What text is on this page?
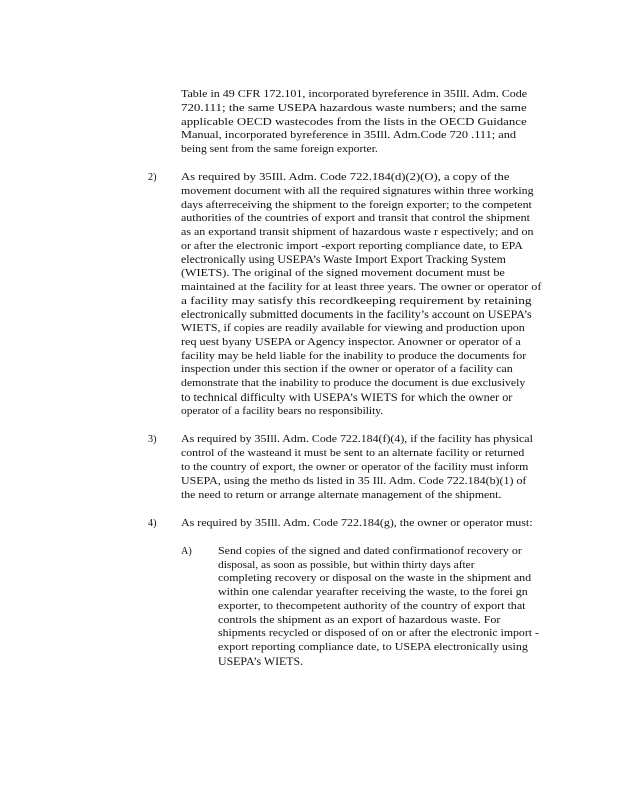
Table in 49 CFR 172.101, incorporated byreference in 35Ill. Adm. Code
720.111; the same USEPA hazardous waste numbers; and the same
applicable OECD wastecodes from the lists in the OECD Guidance
Manual, incorporated byreference in 35Ill. Adm.Code 720 .111; and
being sent from the same foreign exporter.
2) As required by 35Ill. Adm. Code 722.184(d)(2)(O), a copy of the
movement document with all the required signatures within three working
days afterreceiving the shipment to the foreign exporter; to the competent
authorities of the countries of export and transit that control the shipment
as an exportand transit shipment of hazardous waste r espectively; and on
or after the electronic import -export reporting compliance date, to EPA
electronically using USEPA’s Waste Import Export Tracking System
(WIETS). The original of the signed movement document must be
maintained at the facility for at least three years. The owner or operator of
a facility may satisfy this recordkeeping requirement by retaining
electronically submitted documents in the facility’s account on USEPA’s
WIETS, if copies are readily available for viewing and production upon
req uest byany USEPA or Agency inspector. Anowner or operator of a
facility may be held liable for the inability to produce the documents for
inspection under this section if the owner or operator of a facility can
demonstrate that the inability to produce the document is due exclusively
to technical difficulty with USEPA’s WIETS for which the owner or
operator of a facility bears no responsibility.
3) As required by 35Ill. Adm. Code 722.184(f)(4), if the facility has physical
control of the wasteand it must be sent to an alternate facility or returned
to the country of export, the owner or operator of the facility must inform
USEPA, using the metho ds listed in 35 Ill. Adm. Code 722.184(b)(1) of
the need to return or arrange alternate management of the shipment.
4) As required by 35Ill. Adm. Code 722.184(g), the owner or operator must:
A)	Send copies of the signed and dated confirmationof recovery or
disposal, as soon as possible, but within thirty days after
completing recovery or disposal on the waste in the shipment and
within one calendar yearafter receiving the waste, to the forei gn
exporter, to thecompetent authority of the country of export that
controls the shipment as an export of hazardous waste. For
shipments recycled or disposed of on or after the electronic import -
export reporting compliance date, to USEPA electronically using
USEPA’s WIETS.
